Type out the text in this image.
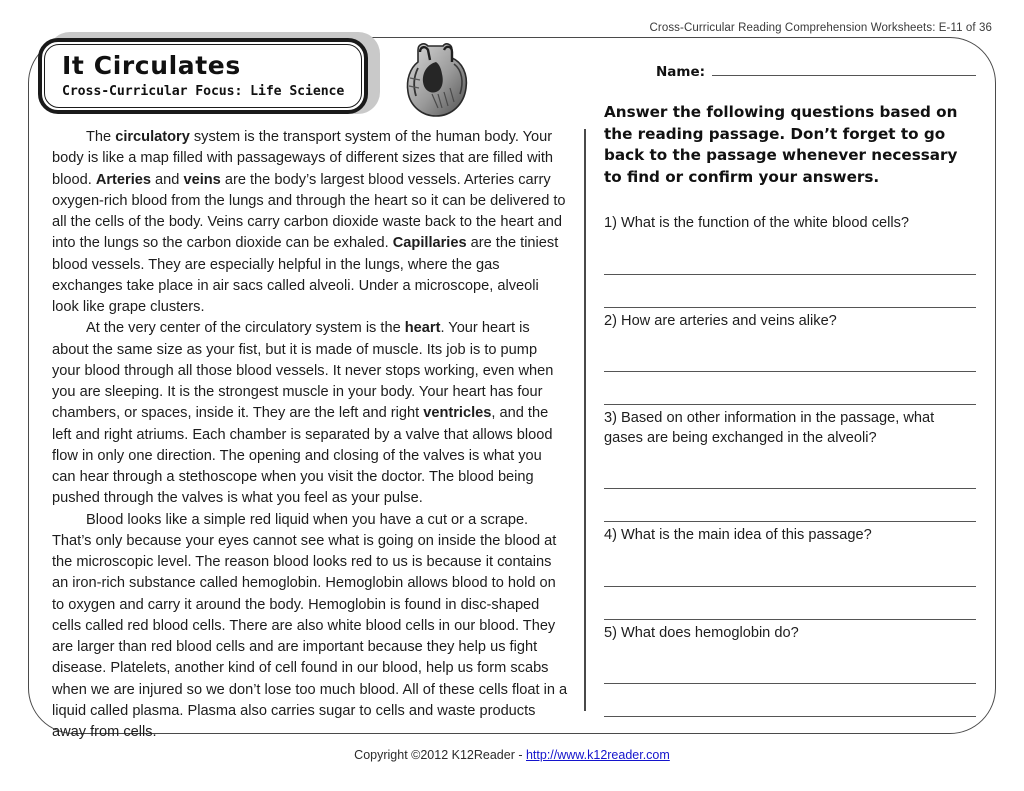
Cross-Curricular Reading Comprehension Worksheets: E-11 of 36
It Circulates
Cross-Curricular Focus: Life Science

The circulatory system is the transport system of the human body. Your body is like a map filled with passageways of different sizes that are filled with blood. Arteries and veins are the body’s largest blood vessels. Arteries carry oxygen-rich blood from the lungs and through the heart so it can be delivered to all the cells of the body. Veins carry carbon dioxide waste back to the heart and into the lungs so the carbon dioxide can be exhaled. Capillaries are the tiniest blood vessels. They are especially helpful in the lungs, where the gas exchanges take place in air sacs called alveoli. Under a microscope, alveoli look like grape clusters.

At the very center of the circulatory system is the heart. Your heart is about the same size as your fist, but it is made of muscle. Its job is to pump your blood through all those blood vessels. It never stops working, even when you are sleeping. It is the strongest muscle in your body. Your heart has four chambers, or spaces, inside it. They are the left and right ventricles, and the left and right atriums. Each chamber is separated by a valve that allows blood flow in only one direction. The opening and closing of the valves is what you can hear through a stethoscope when you visit the doctor. The blood being pushed through the valves is what you feel as your pulse.

Blood looks like a simple red liquid when you have a cut or a scrape. That’s only because your eyes cannot see what is going on inside the blood at the microscopic level. The reason blood looks red to us is because it contains an iron-rich substance called hemoglobin. Hemoglobin allows blood to hold on to oxygen and carry it around the body. Hemoglobin is found in disc-shaped cells called red blood cells. There are also white blood cells in our blood. They are larger than red blood cells and are important because they help us fight disease. Platelets, another kind of cell found in our blood, help us form scabs when we are injured so we don’t lose too much blood. All of these cells float in a liquid called plasma. Plasma also carries sugar to cells and waste products away from cells.

Name:
Answer the following questions based on the reading passage. Don’t forget to go back to the passage whenever necessary to find or confirm your answers.
1) What is the function of the white blood cells?
2) How are arteries and veins alike?
3) Based on other information in the passage, what gases are being exchanged in the alveoli?
4) What is the main idea of this passage?
5) What does hemoglobin do?
Copyright ©2012 K12Reader - http://www.k12reader.com
